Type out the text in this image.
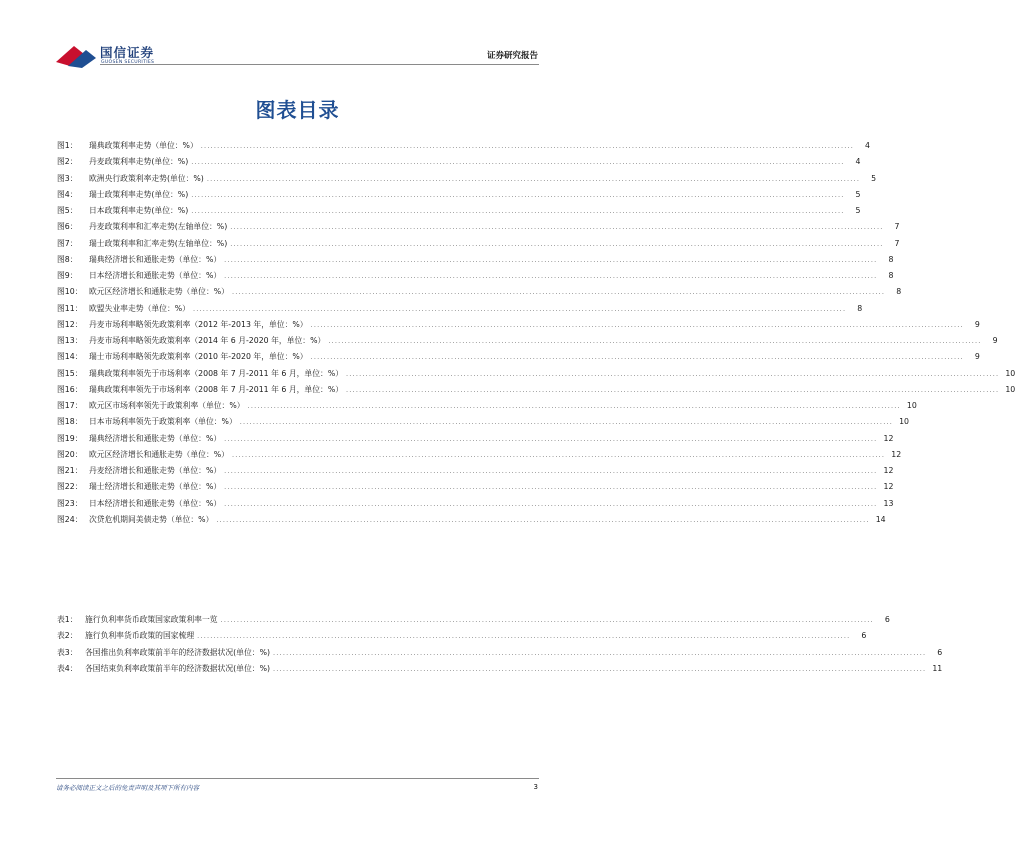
国信证券
GUOSEN SECURITIES
证券研究报告
图表目录
图1：	瑞典政策利率走势（单位：%） ........................................................................................................................................................................................................	4
图2：	丹麦政策利率走势(单位：%) ........................................................................................................................................................................................................	4
图3：	欧洲央行政策利率走势(单位：%) ........................................................................................................................................................................................................	5
图4：	瑞士政策利率走势(单位：%) ........................................................................................................................................................................................................	5
图5：	日本政策利率走势(单位：%) ........................................................................................................................................................................................................	5
图6：	丹麦政策利率和汇率走势(左轴单位：%) ........................................................................................................................................................................................................	7
图7：	瑞士政策利率和汇率走势(左轴单位：%) ........................................................................................................................................................................................................	7
图8：	瑞典经济增长和通胀走势（单位：%） ........................................................................................................................................................................................................	8
图9：	日本经济增长和通胀走势（单位：%） ........................................................................................................................................................................................................	8
图10： 欧元区经济增长和通胀走势（单位：%） ........................................................................................................................................................................................................	8
图11： 欧盟失业率走势（单位：%） ........................................................................................................................................................................................................	8
图12： 丹麦市场利率略领先政策利率（2012 年-2013 年，单位：%） ........................................................................................................................................................................................................	9
图13： 丹麦市场利率略领先政策利率（2014 年 6 月-2020 年，单位：%） ........................................................................................................................................................................................................	9
图14： 瑞士市场利率略领先政策利率（2010 年-2020 年，单位：%） ........................................................................................................................................................................................................	9
图15： 瑞典政策利率领先于市场利率（2008 年 7 月-2011 年 6 月，单位：%） ........................................................................................................................................................................................................ 10
图16： 瑞典政策利率领先于市场利率（2008 年 7 月-2011 年 6 月，单位：%） ........................................................................................................................................................................................................ 10
图17： 欧元区市场利率领先于政策利率（单位：%） ........................................................................................................................................................................................................ 10
图18： 日本市场利率领先于政策利率（单位：%） ........................................................................................................................................................................................................ 10
图19： 瑞典经济增长和通胀走势（单位：%） ........................................................................................................................................................................................................ 12
图20： 欧元区经济增长和通胀走势（单位：%） ........................................................................................................................................................................................................ 12
图21： 丹麦经济增长和通胀走势（单位：%） ........................................................................................................................................................................................................ 12
图22： 瑞士经济增长和通胀走势（单位：%） ........................................................................................................................................................................................................ 12
图23： 日本经济增长和通胀走势（单位：%） ........................................................................................................................................................................................................ 13
图24： 次贷危机期间美债走势（单位：%） ........................................................................................................................................................................................................ 14
表1： 施行负利率货币政策国家政策利率一览 ........................................................................................................................................................................................................	6
表2： 施行负利率货币政策的国家梳理 ........................................................................................................................................................................................................	6
表3： 各国推出负利率政策前半年的经济数据状况(单位：%) ........................................................................................................................................................................................................	6
表4： 各国结束负利率政策前半年的经济数据状况(单位：%) ........................................................................................................................................................................................................ 11
请务必阅读正文之后的免责声明及其项下所有内容	3
